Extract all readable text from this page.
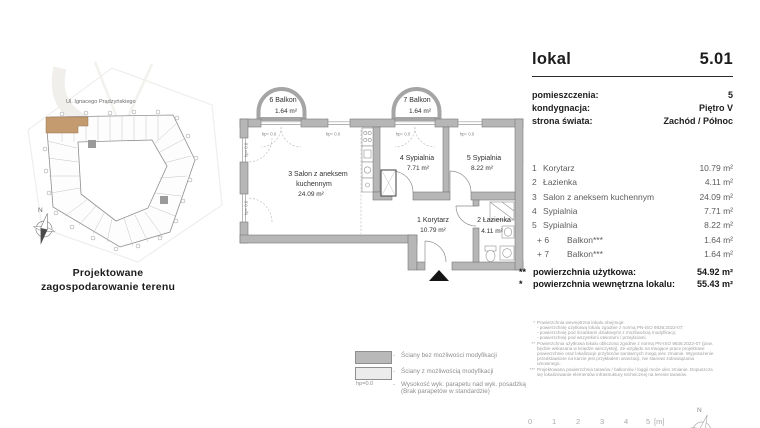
Ul. Ignacego Prądzyńskiego
N
Projektowane
zagospodarowanie terenu
hp= 0.0	hp= 0.0	hp= 0.0	hp= 0.0
hp= 0.0
hp= 0.0
6 Balkon
1.64 m²
7 Balkon
1.64 m²
3 Salon z aneksem
kuchennym
24.09 m²
4 Sypialnia
7.71 m²
5 Sypialnia
8.22 m²
1 Korytarz
10.79 m²
2 Łazienka
4.11 m²
lokal	5.01
pomieszczenia:	5
kondygnacja:	Piętro V
strona świata:	Zachód / Północ
1 Korytarz	10.79 m²
2 Łazienka	4.11 m²
3 Salon z aneksem kuchennym	24.09 m²
4 Sypialnia	7.71 m²
5 Sypialnia	8.22 m²
+ 6	Balkon***	1.64 m²
+ 7	Balkon***	1.64 m²
** powierzchnia użytkowa:	54.92 m²
*	powierzchnia wewnętrzna lokalu: 55.43 m²
* Powierzchnia wewnętrzna lokalu obejmuje:
- powierzchnię użytkową lokalu zgodnie z normą PN-ISO 9836:2022-07;
- powierzchnię pod ściankami działowymi z możliwością modyfikacji;
- powierzchnię pod wszystkimi otworami / przejściami.
** Powierzchnia użytkowa lokalu obliczona zgodnie z normą PN-ISO 9836:2022-07 (pow. będzie wskazana w księdze wieczystej). Ze względu na trwające prace projektowe powierzchnie oraz lokalizacje przyborów sanitarnych mogą ulec zmianie. Wyposażenie przedstawione na karcie jest przykładem aranżacji, nie stanowi zobowiązania umownego.
*** Projektowana powierzchnia tarasów / balkonów / loggii może ulec zmianie. Dopuszcza się lokalizowanie elementów infrastruktury technicznej na terenie tarasów.
0	1	2	3	4 5 [m]
N
- Ściany bez możliwości modyfikacji
- Ściany z możliwością modyfikacji
hp=0.0	- Wysokość wyk. parapetu nad wyk. posadzką
(Brak parapetów w standardzie)
